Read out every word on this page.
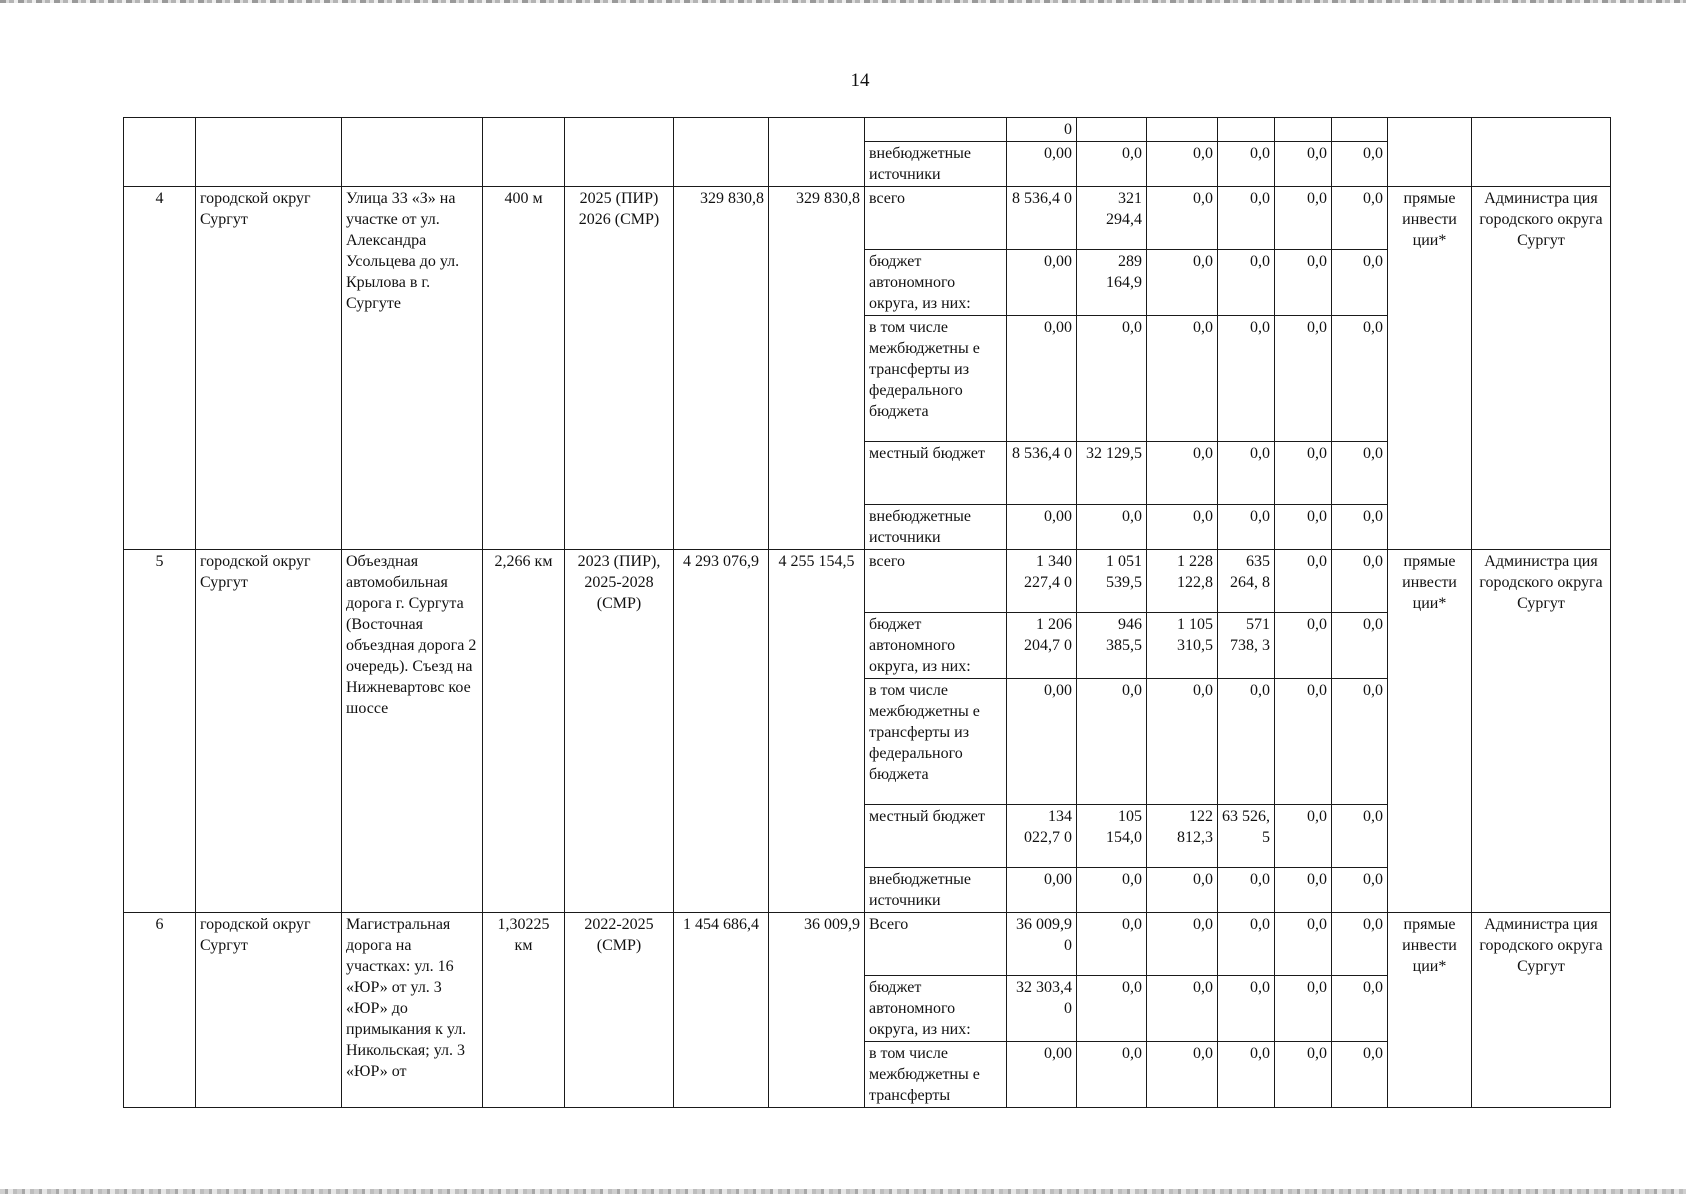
14
								0							
							внебюджетные источники	0,00	0,0	0,0	0,0	0,0	0,0		
4	городской округ Сургут	Улица 33 «З» на участке от ул. Александра Усольцева до ул. Крылова в г. Сургуте	400 м	2025 (ПИР) 2026 (СМР)	329 830,8	329 830,8	всего	8 536,4 0	321 294,4	0,0	0,0	0,0	0,0	прямые инвести ции*	Администра ция городского округа Сургут
							бюджет автономного округа, из них:	0,00	289 164,9	0,0	0,0	0,0	0,0		
							в том числе межбюджетны е трансферты из федерального бюджета	0,00	0,0	0,0	0,0	0,0	0,0		
							местный бюджет	8 536,4 0	32 129,5	0,0	0,0	0,0	0,0		
							внебюджетные источники	0,00	0,0	0,0	0,0	0,0	0,0		
5	городской округ Сургут	Объездная автомобильная дорога г. Сургута (Восточная объездная дорога 2 очередь). Съезд на Нижневартовс кое шоссе	2,266 км	2023 (ПИР), 2025-2028 (СМР)	4 293 076,9	4 255 154,5	всего	1 340 227,4 0	1 051 539,5	1 228 122,8	635 264, 8	0,0	0,0	прямые инвести ции*	Администра ция городского округа Сургут
							бюджет автономного округа, из них:	1 206 204,7 0	946 385,5	1 105 310,5	571 738, 3	0,0	0,0		
							в том числе межбюджетны е трансферты из федерального бюджета	0,00	0,0	0,0	0,0	0,0	0,0		
							местный бюджет	134 022,7 0	105 154,0	122 812,3	63 526, 5	0,0	0,0		
							внебюджетные источники	0,00	0,0	0,0	0,0	0,0	0,0		
6	городской округ Сургут	Магистральная дорога на участках: ул. 16 «ЮР» от ул. 3 «ЮР» до примыкания к ул. Никольская; ул. 3 «ЮР» от	1,30225 км	2022-2025 (СМР)	1 454 686,4	36 009,9	Всего	36 009,9 0	0,0	0,0	0,0	0,0	0,0	прямые инвести ции*	Администра ция городского округа Сургут
							бюджет автономного округа, из них:	32 303,4 0	0,0	0,0	0,0	0,0	0,0		
							в том числе межбюджетны е трансферты	0,00	0,0	0,0	0,0	0,0	0,0		
